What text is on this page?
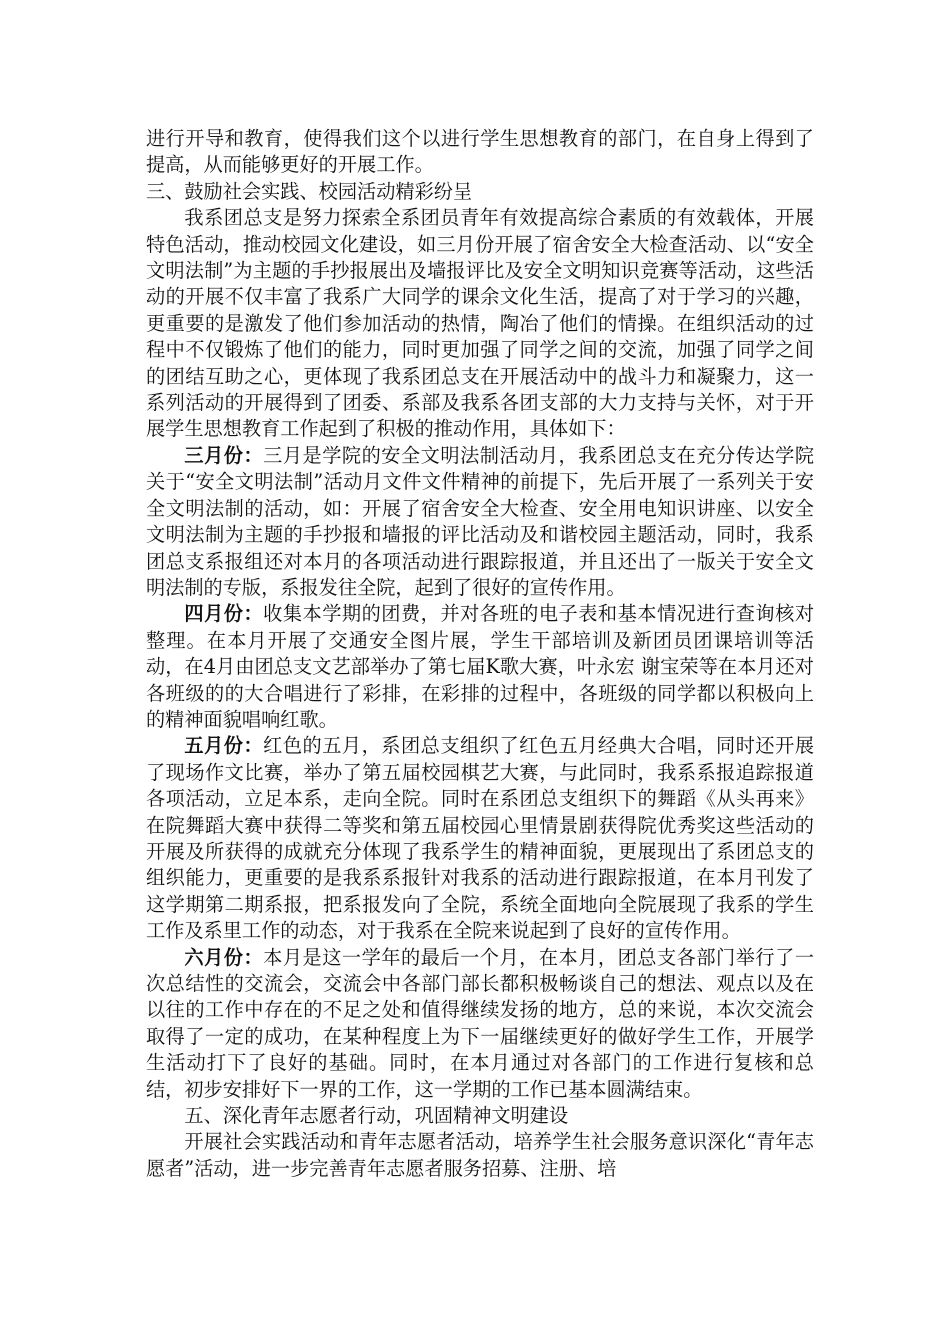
进行开导和教育，使得我们这个以进行学生思想教育的部门，在自身上得到了提高，从而能够更好的开展工作。

三、鼓励社会实践、校园活动精彩纷呈

我系团总支是努力探索全系团员青年有效提高综合素质的有效载体，开展特色活动，推动校园文化建设，如三月份开展了宿舍安全大检查活动、以“安全文明法制”为主题的手抄报展出及墙报评比及安全文明知识竞赛等活动，这些活动的开展不仅丰富了我系广大同学的课余文化生活，提高了对于学习的兴趣，更重要的是激发了他们参加活动的热情，陶冶了他们的情操。在组织活动的过程中不仅锻炼了他们的能力，同时更加强了同学之间的交流，加强了同学之间的团结互助之心，更体现了我系团总支在开展活动中的战斗力和凝聚力，这一系列活动的开展得到了团委、系部及我系各团支部的大力支持与关怀，对于开展学生思想教育工作起到了积极的推动作用，具体如下：

三月份：三月是学院的安全文明法制活动月，我系团总支在充分传达学院关于“安全文明法制”活动月文件文件精神的前提下，先后开展了一系列关于安全文明法制的活动，如：开展了宿舍安全大检查、安全用电知识讲座、以安全文明法制为主题的手抄报和墙报的评比活动及和谐校园主题活动，同时，我系团总支系报组还对本月的各项活动进行跟踪报道，并且还出了一版关于安全文明法制的专版，系报发往全院，起到了很好的宣传作用。

四月份：收集本学期的团费，并对各班的电子表和基本情况进行查询核对整理。在本月开展了交通安全图片展，学生干部培训及新团员团课培训等活动，在4月由团总支文艺部举办了第七届K歌大赛，叶永宏 谢宝荣等在本月还对各班级的的大合唱进行了彩排，在彩排的过程中，各班级的同学都以积极向上的精神面貌唱响红歌。

五月份：红色的五月，系团总支组织了红色五月经典大合唱，同时还开展了现场作文比赛，举办了第五届校园棋艺大赛，与此同时，我系系报追踪报道各项活动，立足本系，走向全院。同时在系团总支组织下的舞蹈《从头再来》在院舞蹈大赛中获得二等奖和第五届校园心里情景剧获得院优秀奖这些活动的开展及所获得的成就充分体现了我系学生的精神面貌，更展现出了系团总支的组织能力，更重要的是我系系报针对我系的活动进行跟踪报道，在本月刊发了这学期第二期系报，把系报发向了全院，系统全面地向全院展现了我系的学生工作及系里工作的动态，对于我系在全院来说起到了良好的宣传作用。

六月份：本月是这一学年的最后一个月，在本月，团总支各部门举行了一次总结性的交流会，交流会中各部门部长都积极畅谈自己的想法、观点以及在以往的工作中存在的不足之处和值得继续发扬的地方，总的来说，本次交流会取得了一定的成功，在某种程度上为下一届继续更好的做好学生工作，开展学生活动打下了良好的基础。同时，在本月通过对各部门的工作进行复核和总结，初步安排好下一界的工作，这一学期的工作已基本圆满结束。

五、深化青年志愿者行动，巩固精神文明建设

开展社会实践活动和青年志愿者活动，培养学生社会服务意识深化“青年志愿者”活动，进一步完善青年志愿者服务招募、注册、培
